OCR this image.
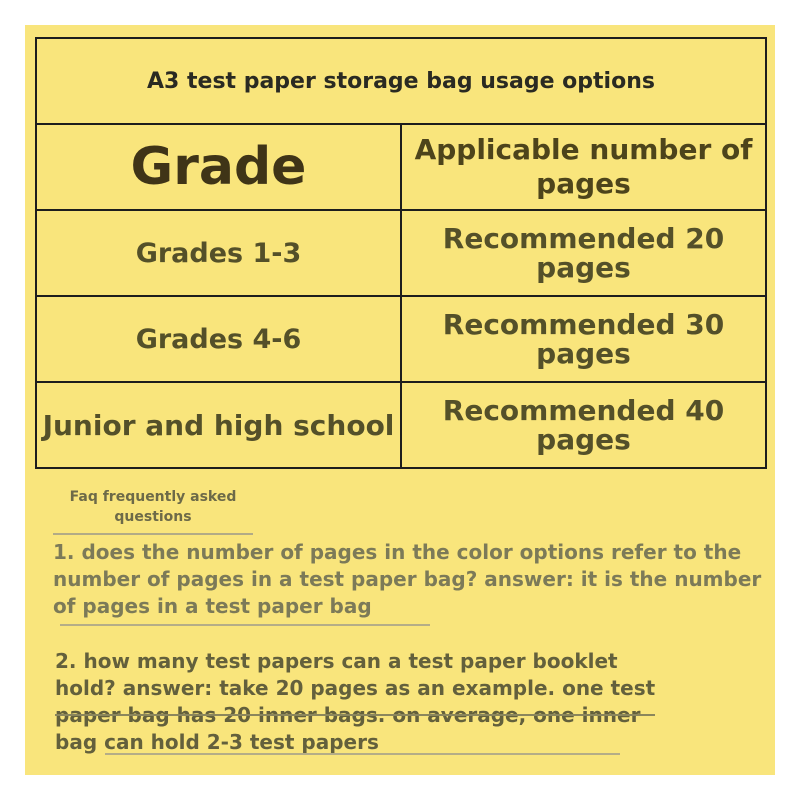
A3 test paper storage bag usage options	
Grade	Applicable number of pages
Grades 1-3	Recommended 20 pages
Grades 4-6	Recommended 30 pages
Junior and high school	Recommended 40 pages
Faq frequently asked questions
1. does the number of pages in the color options refer to the number of pages in a test paper bag? answer: it is the number of pages in a test paper bag
2. how many test papers can a test paper booklet hold? answer: take 20 pages as an example. one test paper bag has 20 inner bags. on average, one inner bag can hold 2-3 test papers
